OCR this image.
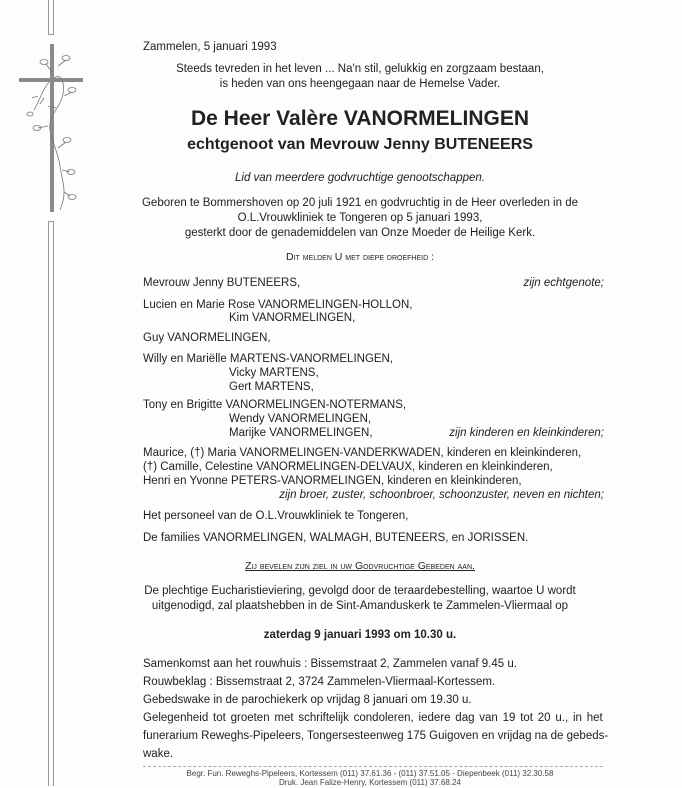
Zammelen, 5 januari 1993
Steeds tevreden in het leven ... Na'n stil, gelukkig en zorgzaam bestaan,
is heden van ons heengegaan naar de Hemelse Vader.
De Heer Valère VANORMELINGEN
echtgenoot van Mevrouw Jenny BUTENEERS
Lid van meerdere godvruchtige genootschappen.
Geboren te Bommershoven op 20 juli 1921 en godvruchtig in de Heer overleden in de
O.L.Vrouwkliniek te Tongeren op 5 januari 1993,
gesterkt door de genademiddelen van Onze Moeder de Heilige Kerk.
Dit melden U met diepe droefheid :
Mevrouw Jenny BUTENEERS,	zijn echtgenote;
Lucien en Marie Rose VANORMELINGEN-HOLLON,
Kim VANORMELINGEN,
Guy VANORMELINGEN,
Willy en Mariëlle MARTENS-VANORMELINGEN,
Vicky MARTENS,
Gert MARTENS,
Tony en Brigitte VANORMELINGEN-NOTERMANS,
Wendy VANORMELINGEN,
Marijke VANORMELINGEN,	zijn kinderen en kleinkinderen;
Maurice, (†) Maria VANORMELINGEN-VANDERKWADEN, kinderen en kleinkinderen,
(†) Camille, Celestine VANORMELINGEN-DELVAUX, kinderen en kleinkinderen,
Henri en Yvonne PETERS-VANORMELINGEN, kinderen en kleinkinderen,
zijn broer, zuster, schoonbroer, schoonzuster, neven en nichten;
Het personeel van de O.L.Vrouwkliniek te Tongeren,
De families VANORMELINGEN, WALMAGH, BUTENEERS, en JORISSEN.
Zij bevelen zijn ziel in uw Godvruchtige Gebeden aan.
De plechtige Eucharistieviering, gevolgd door de teraardebestelling, waartoe U wordt
uitgenodigd, zal plaatshebben in de Sint-Amanduskerk te Zammelen-Vliermaal op
zaterdag 9 januari 1993 om 10.30 u.
Samenkomst aan het rouwhuis : Bissemstraat 2, Zammelen vanaf 9.45 u.
Rouwbeklag : Bissemstraat 2, 3724 Zammelen-Vliermaal-Kortessem.
Gebedswake in de parochiekerk op vrijdag 8 januari om 19.30 u.
Gelegenheid tot groeten met schriftelijk condoleren, iedere dag van 19 tot 20 u., in het
funerarium Reweghs-Pipeleers, Tongersesteenweg 175 Guigoven en vrijdag na de gebeds-
wake.
Begr. Fun. Reweghs-Pipeleers, Kortessem (011) 37.61.36 - (011) 37.51.05 - Diepenbeek (011) 32.30.58
Druk. Jean Falize-Henry, Kortessem (011) 37.68.24
